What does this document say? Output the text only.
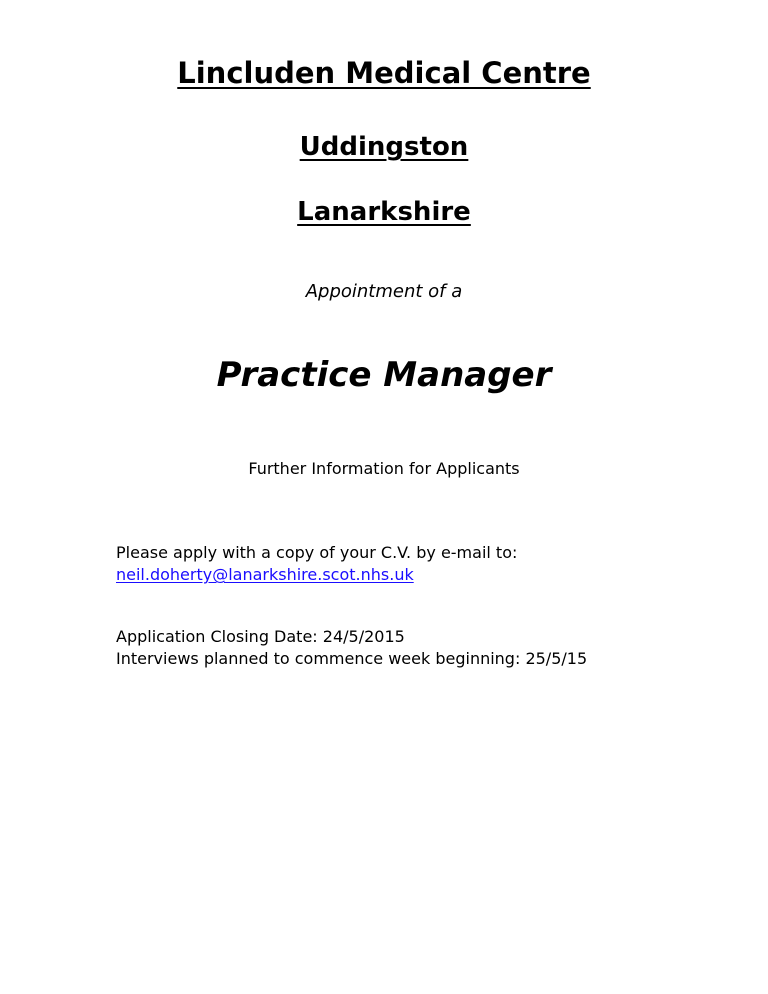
Lincluden Medical Centre
Uddingston
Lanarkshire
Appointment of a
Practice Manager
Further Information for Applicants
Please apply with a copy of your C.V. by e-mail to:
neil.doherty@lanarkshire.scot.nhs.uk
Application Closing Date: 24/5/2015
Interviews planned to commence week beginning: 25/5/15
